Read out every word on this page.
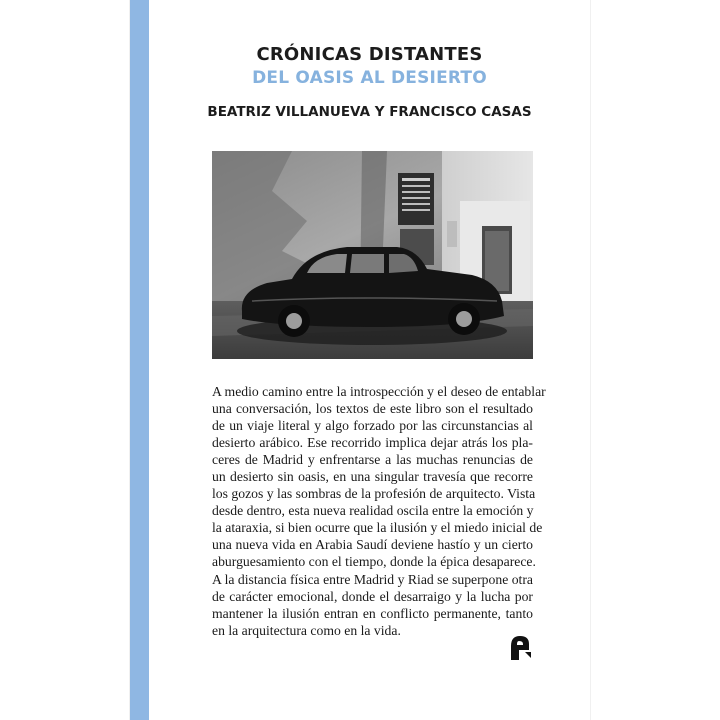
CRÓNICAS DISTANTES
DEL OASIS AL DESIERTO
BEATRIZ VILLANUEVA Y FRANCISCO CASAS
A medio camino entre la introspección y el deseo de entablar
una conversación, los textos de este libro son el resultado
de un viaje literal y algo forzado por las circunstancias al
desierto arábico. Ese recorrido implica dejar atrás los pla-
ceres de Madrid y enfrentarse a las muchas renuncias de
un desierto sin oasis, en una singular travesía que recorre
los gozos y las sombras de la profesión de arquitecto. Vista
desde dentro, esta nueva realidad oscila entre la emoción y
la ataraxia, si bien ocurre que la ilusión y el miedo inicial de
una nueva vida en Arabia Saudí deviene hastío y un cierto
aburguesamiento con el tiempo, donde la épica desaparece.
A la distancia física entre Madrid y Riad se superpone otra
de carácter emocional, donde el desarraigo y la lucha por
mantener la ilusión entran en conflicto permanente, tanto
en la arquitectura como en la vida.
